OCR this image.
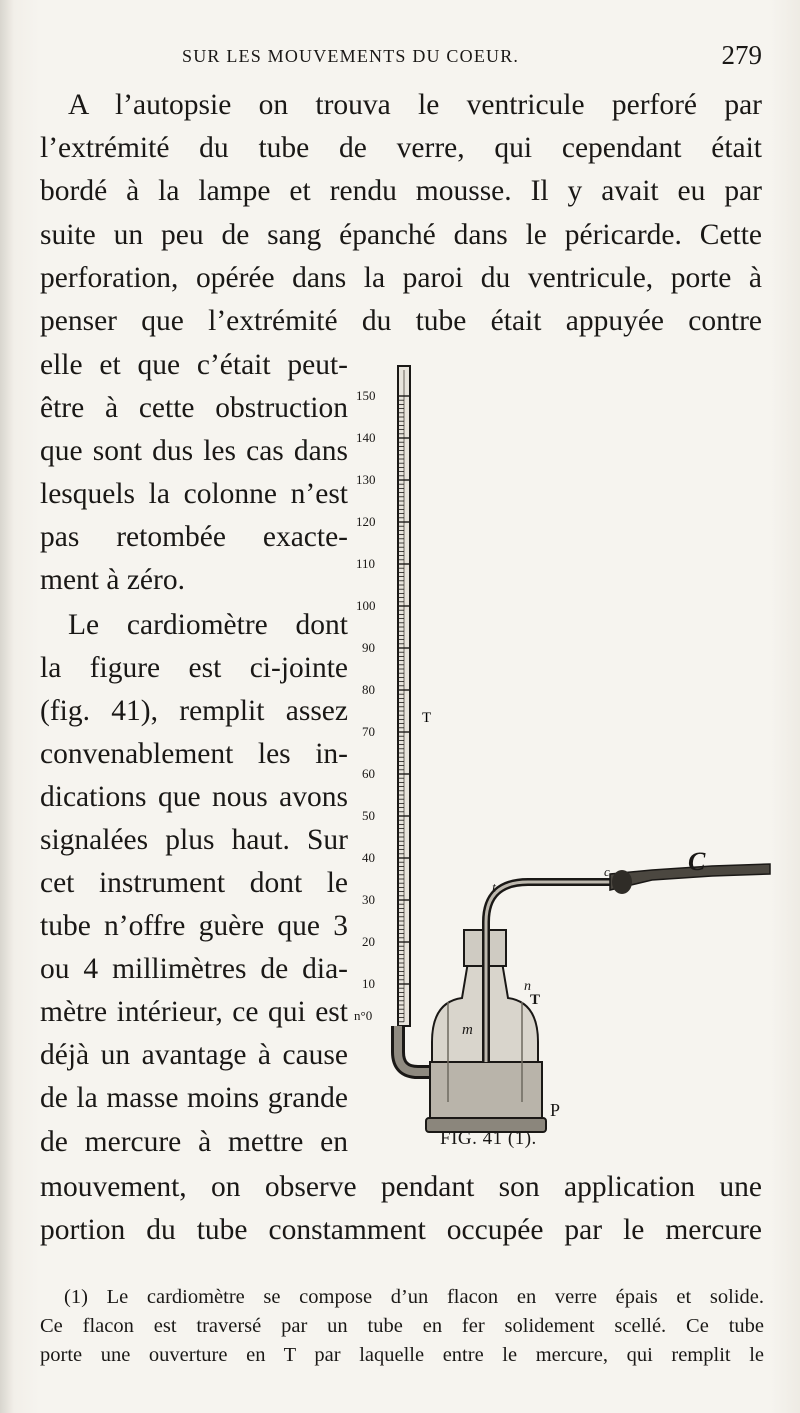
SUR LES MOUVEMENTS DU COEUR.	279
A l’autopsie on trouva le ventricule perforé par
l’extrémité du tube de verre, qui cependant était
bordé à la lampe et rendu mousse. Il y avait eu par
suite un peu de sang épanché dans le péricarde. Cette
perforation, opérée dans la paroi du ventricule, porte à
penser que l’extrémité du tube était appuyée contre
elle et que c’était peut-
être à cette obstruction
que sont dus les cas dans
lesquels la colonne n’est
pas retombée exacte-
ment à zéro.
Le cardiomètre dont
la figure est ci-jointe
(fig. 41), remplit assez
convenablement les in-
dications que nous avons
signalées plus haut. Sur
cet instrument dont le
tube n’offre guère que 3
ou 4 millimètres de dia-
mètre intérieur, ce qui est
déjà un avantage à cause
de la masse moins grande
de mercure à mettre en
150
140
130
120
110
100
90
80
70
60
50
40
30
20
10
n°0
T
C
c
t
n
T
m
P
FIG. 41 (1).
mouvement, on observe pendant son application une
portion du tube constamment occupée par le mercure
(1) Le cardiomètre se compose d’un flacon en verre épais et solide.
Ce flacon est traversé par un tube en fer solidement scellé. Ce tube
porte une ouverture en T par laquelle entre le mercure, qui remplit le
